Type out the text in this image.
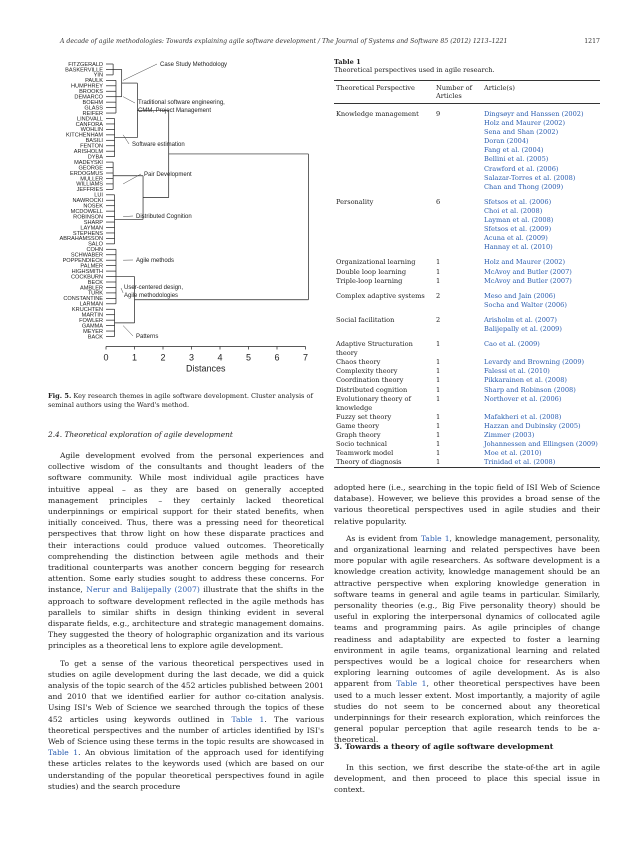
A decade of agile methodologies: Towards explaining agile software development / The Journal of Systems and Software 85 (2012) 1213–1221	1217
FITZGERALD
BASKERVILLE
YIN
PAULK
HUMPHREY
BROOKS
DEMARCO
BOEHM
GLASS
REIFER
LINDVALL
CANFORA
WOHLIN
KITCHENHAM
BASILI
FENTON
ARISHOLM
DYBA
MADEYSKI
GEORGE
ERDOGMUS
MULLER
WILLIAMS
JEFFRIES
LUI
NAWROCKI
NOSEK
MCDOWELL
ROBINSON
SHARP
LAYMAN
STEPHENS
ABRAHAMSSON
SALO
COHN
SCHWABER
POPPENDIECK
PALMER
HIGHSMITH
COCKBURN
BECK
AMBLER
TURK
CONSTANTINE
LARMAN
KRUCHTEN
MARTIN
FOWLER
GAMMA
MEYER
BACK
Case Study Methodology
Traditional software engineering, CMM, Project Management
Software estimation
Pair Development
Distributed Cognition
Agile methods
User-centered design, Agile methodologies
Patterns
0	1	2	3	4	5	6	7
Distances
Fig. 5. Key research themes in agile software development. Cluster analysis of seminal authors using the Ward's method.
2.4. Theoretical exploration of agile development

Agile development evolved from the personal experiences and collective wisdom of the consultants and thought leaders of the software community. While most individual agile practices have intuitive appeal – as they are based on generally accepted management principles – they certainly lacked theoretical underpinnings or empirical support for their stated benefits, when initially conceived. Thus, there was a pressing need for theoretical perspectives that throw light on how these disparate practices and their interactions could produce valued outcomes. Theoretically comprehending the distinction between agile methods and their traditional counterparts was another concern begging for research attention. Some early studies sought to address these concerns. For instance, Nerur and Balijepally (2007) illustrate that the shifts in the approach to software development reflected in the agile methods has parallels to similar shifts in design thinking evident in several disparate fields, e.g., architecture and strategic management domains. They suggested the theory of holographic organization and its various principles as a theoretical lens to explore agile development.

To get a sense of the various theoretical perspectives used in studies on agile development during the last decade, we did a quick analysis of the topic search of the 452 articles published between 2001 and 2010 that we identified earlier for author co-citation analysis. Using ISI's Web of Science we searched through the topics of these 452 articles using keywords outlined in Table 1. The various theoretical perspectives and the number of articles identified by ISI's Web of Science using these terms in the topic results are showcased in Table 1. An obvious limitation of the approach used for identifying these articles relates to the keywords used (which are based on our understanding of the popular theoretical perspectives found in agile studies) and the search procedure

Table 1
Theoretical perspectives used in agile research.
Theoretical Perspective	Number of Articles	Article(s)

Knowledge management	9	Dingsøyr and Hanssen (2002)
		Holz and Maurer (2002)
		Sena and Shan (2002)
		Doran (2004)
		Fang et al. (2004)
		Bellini et al. (2005)
		Crawford et al. (2006)
		Salazar-Torres et al. (2008)
		Chan and Thong (2009)

Personality	6	Sfetsos et al. (2006)
		Choi et al. (2008)
		Layman et al. (2008)
		Sfetsos et al. (2009)
		Acuna et al. (2009)
		Hannay et al. (2010)

Organizational learning	1	Holz and Maurer (2002)
Double loop learning	1	McAvoy and Butler (2007)
Triple-loop learning	1	McAvoy and Butler (2007)

Complex adaptive systems	2	Meso and Jain (2006)
		Socha and Walter (2006)

Social facilitation	2	Arisholm et al. (2007)
		Balijepally et al. (2009)

Adaptive Structuration theory	1	Cao et al. (2009)
Chaos theory	1	Levardy and Browning (2009)
Complexity theory	1	Falessi et al. (2010)
Coordination theory	1	Pikkarainen et al. (2008)
Distributed cognition	1	Sharp and Robinson (2008)
Evolutionary theory of knowledge	1	Northover et al. (2006)
Fuzzy set theory	1	Mafakheri et al. (2008)
Game theory	1	Hazzan and Dubinsky (2005)
Graph theory	1	Zimmer (2003)
Socio technical	1	Johannessen and Ellingsen (2009)
Teamwork model	1	Moe et al. (2010)
Theory of diagnosis	1	Trinidad et al. (2008)

adopted here (i.e., searching in the topic field of ISI Web of Science database). However, we believe this provides a broad sense of the various theoretical perspectives used in agile studies and their relative popularity.

As is evident from Table 1, knowledge management, personality, and organizational learning and related perspectives have been more popular with agile researchers. As software development is a knowledge creation activity, knowledge management should be an attractive perspective when exploring knowledge generation in software teams in general and agile teams in particular. Similarly, personality theories (e.g., Big Five personality theory) should be useful in exploring the interpersonal dynamics of collocated agile teams and programming pairs. As agile principles of change readiness and adaptability are expected to foster a learning environment in agile teams, organizational learning and related perspectives would be a logical choice for researchers when exploring learning outcomes of agile development. As is also apparent from Table 1, other theoretical perspectives have been used to a much lesser extent. Most importantly, a majority of agile studies do not seem to be concerned about any theoretical underpinnings for their research exploration, which reinforces the general popular perception that agile research tends to be a-theoretical.

3. Towards a theory of agile software development

In this section, we first describe the state-of-the art in agile development, and then proceed to place this special issue in context.
